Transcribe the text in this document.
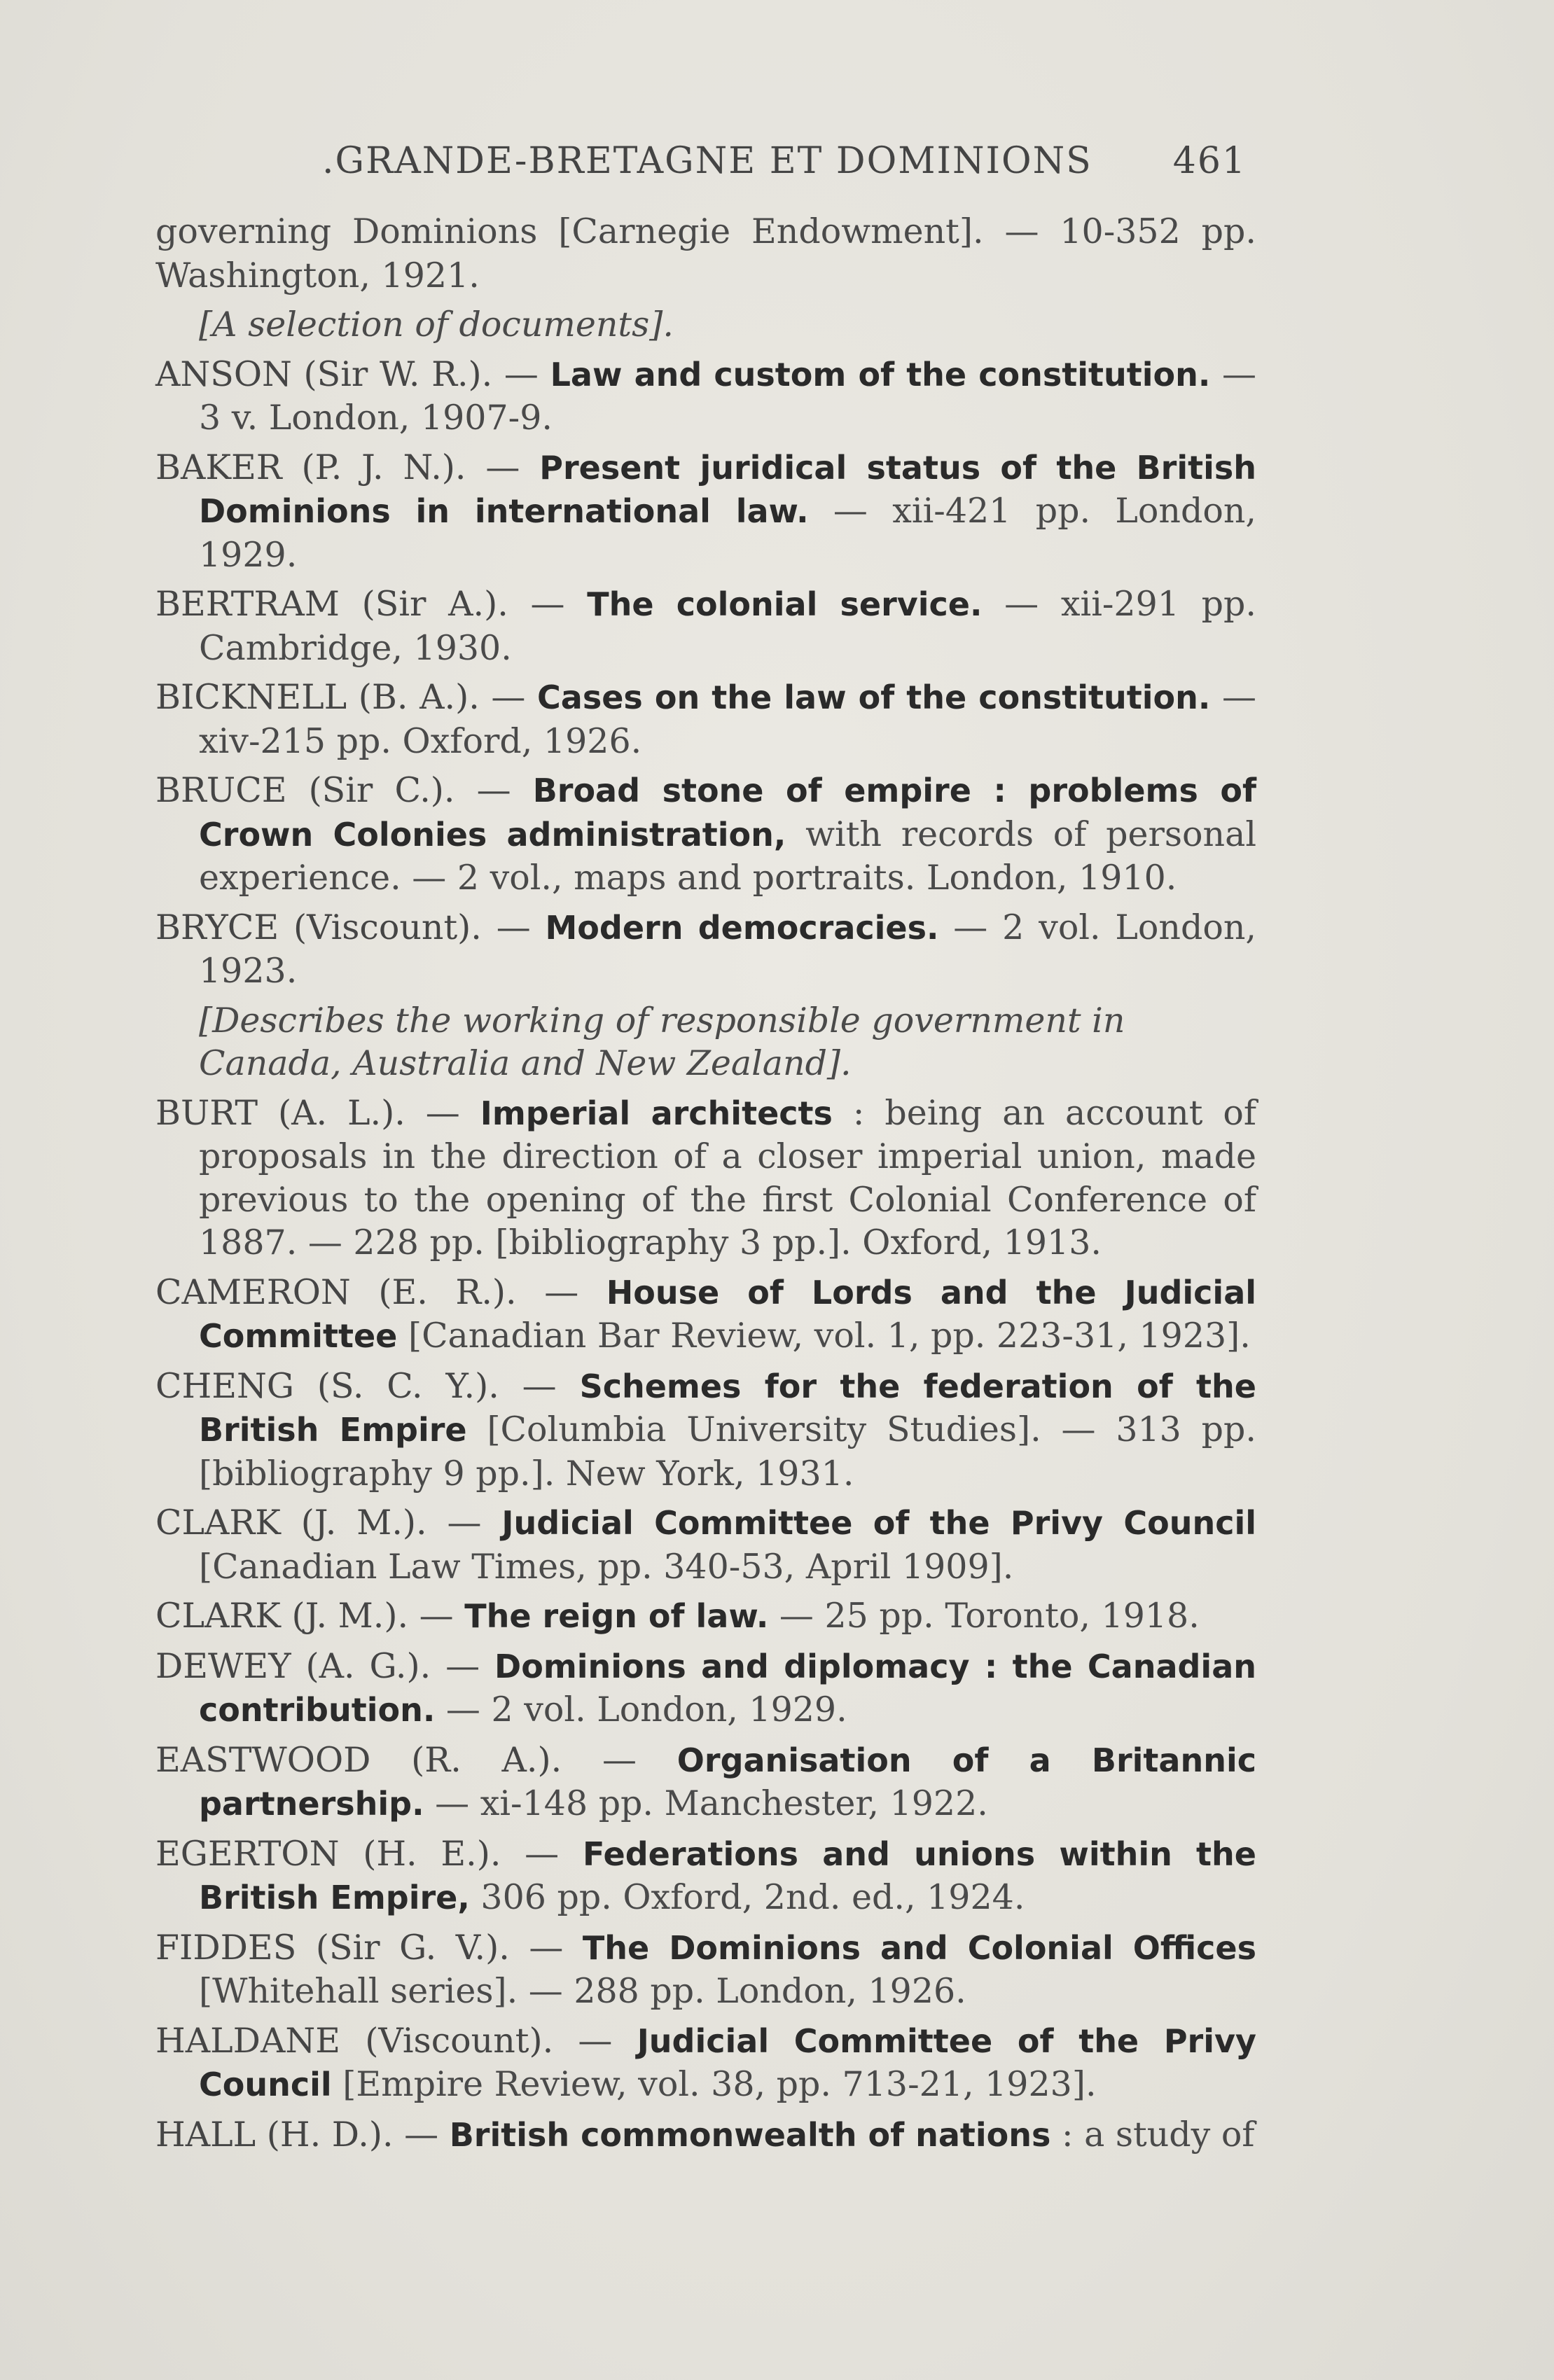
.GRANDE-BRETAGNE ET DOMINIONS 461
governing Dominions [Carnegie Endowment]. — 10-352 pp. Washington, 1921.
[A selection of documents].
ANSON (Sir W. R.). — Law and custom of the constitution. — 3 v. London, 1907-9.
BAKER (P. J. N.). — Present juridical status of the British Dominions in international law. — xii-421 pp. London, 1929.
BERTRAM (Sir A.). — The colonial service. — xii-291 pp. Cambridge, 1930.
BICKNELL (B. A.). — Cases on the law of the constitution. — xiv-215 pp. Oxford, 1926.
BRUCE (Sir C.). — Broad stone of empire : problems of Crown Colonies administration, with records of personal experience. — 2 vol., maps and portraits. London, 1910.
BRYCE (Viscount). — Modern democracies. — 2 vol. London, 1923.
[Describes the working of responsible government in Canada, Australia and New Zealand].
BURT (A. L.). — Imperial architects : being an account of proposals in the direction of a closer imperial union, made previous to the opening of the first Colonial Conference of 1887. — 228 pp. [bibliography 3 pp.]. Oxford, 1913.
CAMERON (E. R.). — House of Lords and the Judicial Committee [Canadian Bar Review, vol. 1, pp. 223-31, 1923].
CHENG (S. C. Y.). — Schemes for the federation of the British Empire [Columbia University Studies]. — 313 pp. [bibliography 9 pp.]. New York, 1931.
CLARK (J. M.). — Judicial Committee of the Privy Council [Canadian Law Times, pp. 340-53, April 1909].
CLARK (J. M.). — The reign of law. — 25 pp. Toronto, 1918.
DEWEY (A. G.). — Dominions and diplomacy : the Canadian contribution. — 2 vol. London, 1929.
EASTWOOD (R. A.). — Organisation of a Britannic partnership. — xi-148 pp. Manchester, 1922.
EGERTON (H. E.). — Federations and unions within the British Empire, 306 pp. Oxford, 2nd. ed., 1924.
FIDDES (Sir G. V.). — The Dominions and Colonial Offices [Whitehall series]. — 288 pp. London, 1926.
HALDANE (Viscount). — Judicial Committee of the Privy Council [Empire Review, vol. 38, pp. 713-21, 1923].
HALL (H. D.). — British commonwealth of nations : a study of
